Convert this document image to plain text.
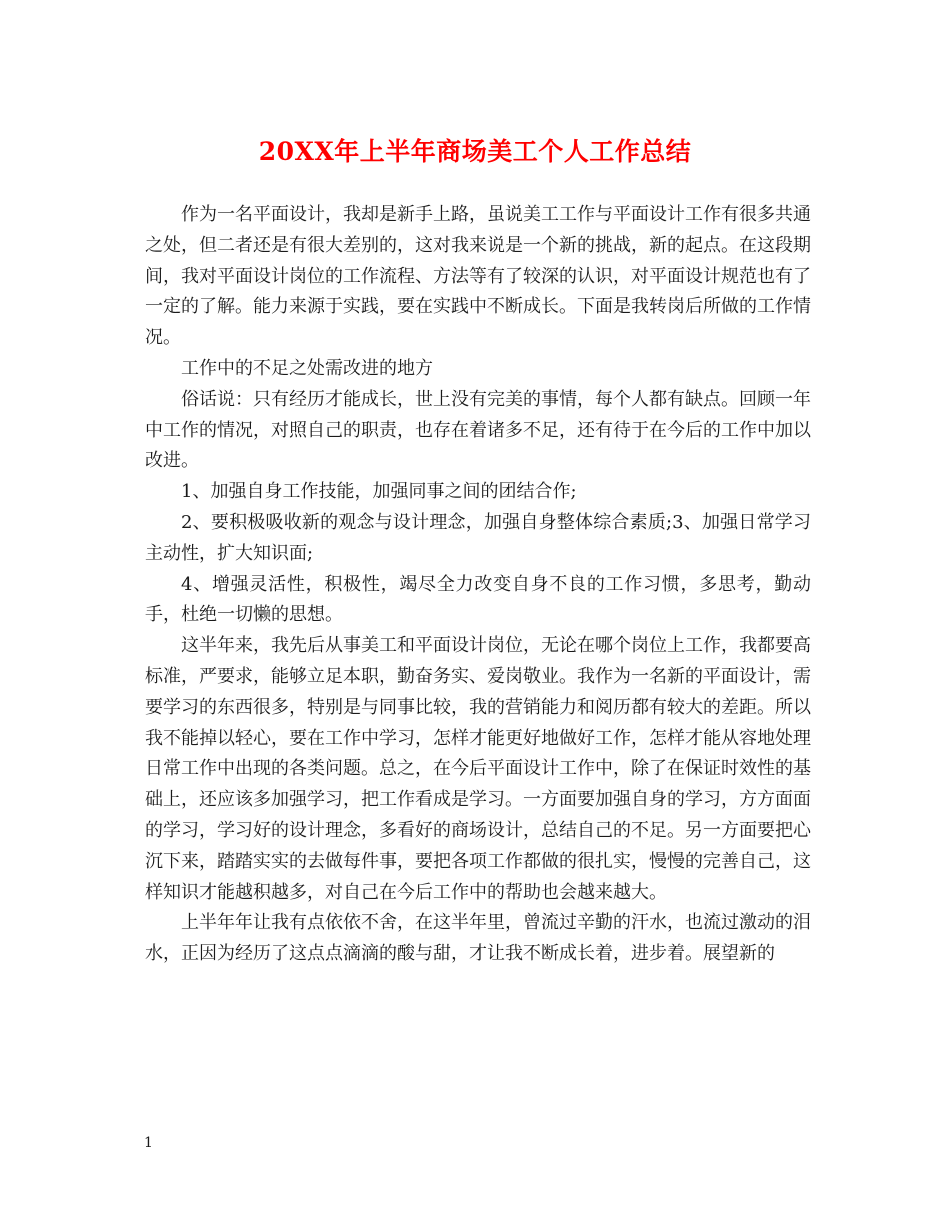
20XX年上半年商场美工个人工作总结

作为一名平面设计，我却是新手上路，虽说美工工作与平面设计工作有很多共通之处，但二者还是有很大差别的，这对我来说是一个新的挑战，新的起点。在这段期间，我对平面设计岗位的工作流程、方法等有了较深的认识，对平面设计规范也有了一定的了解。能力来源于实践，要在实践中不断成长。下面是我转岗后所做的工作情况。

工作中的不足之处需改进的地方

俗话说：只有经历才能成长，世上没有完美的事情，每个人都有缺点。回顾一年中工作的情况，对照自己的职责，也存在着诸多不足，还有待于在今后的工作中加以改进。

1、加强自身工作技能，加强同事之间的团结合作;

2、要积极吸收新的观念与设计理念，加强自身整体综合素质;3、加强日常学习主动性，扩大知识面;

4、增强灵活性，积极性，竭尽全力改变自身不良的工作习惯，多思考，勤动手，杜绝一切懒的思想。

这半年来，我先后从事美工和平面设计岗位，无论在哪个岗位上工作，我都要高标准，严要求，能够立足本职，勤奋务实、爱岗敬业。我作为一名新的平面设计，需要学习的东西很多，特别是与同事比较，我的营销能力和阅历都有较大的差距。所以我不能掉以轻心，要在工作中学习，怎样才能更好地做好工作，怎样才能从容地处理日常工作中出现的各类问题。总之，在今后平面设计工作中，除了在保证时效性的基础上，还应该多加强学习，把工作看成是学习。一方面要加强自身的学习，方方面面的学习，学习好的设计理念，多看好的商场设计，总结自己的不足。另一方面要把心沉下来，踏踏实实的去做每件事，要把各项工作都做的很扎实，慢慢的完善自己，这样知识才能越积越多，对自己在今后工作中的帮助也会越来越大。

上半年年让我有点依依不舍，在这半年里，曾流过辛勤的汗水，也流过激动的泪水，正因为经历了这点点滴滴的酸与甜，才让我不断成长着，进步着。展望新的

1
